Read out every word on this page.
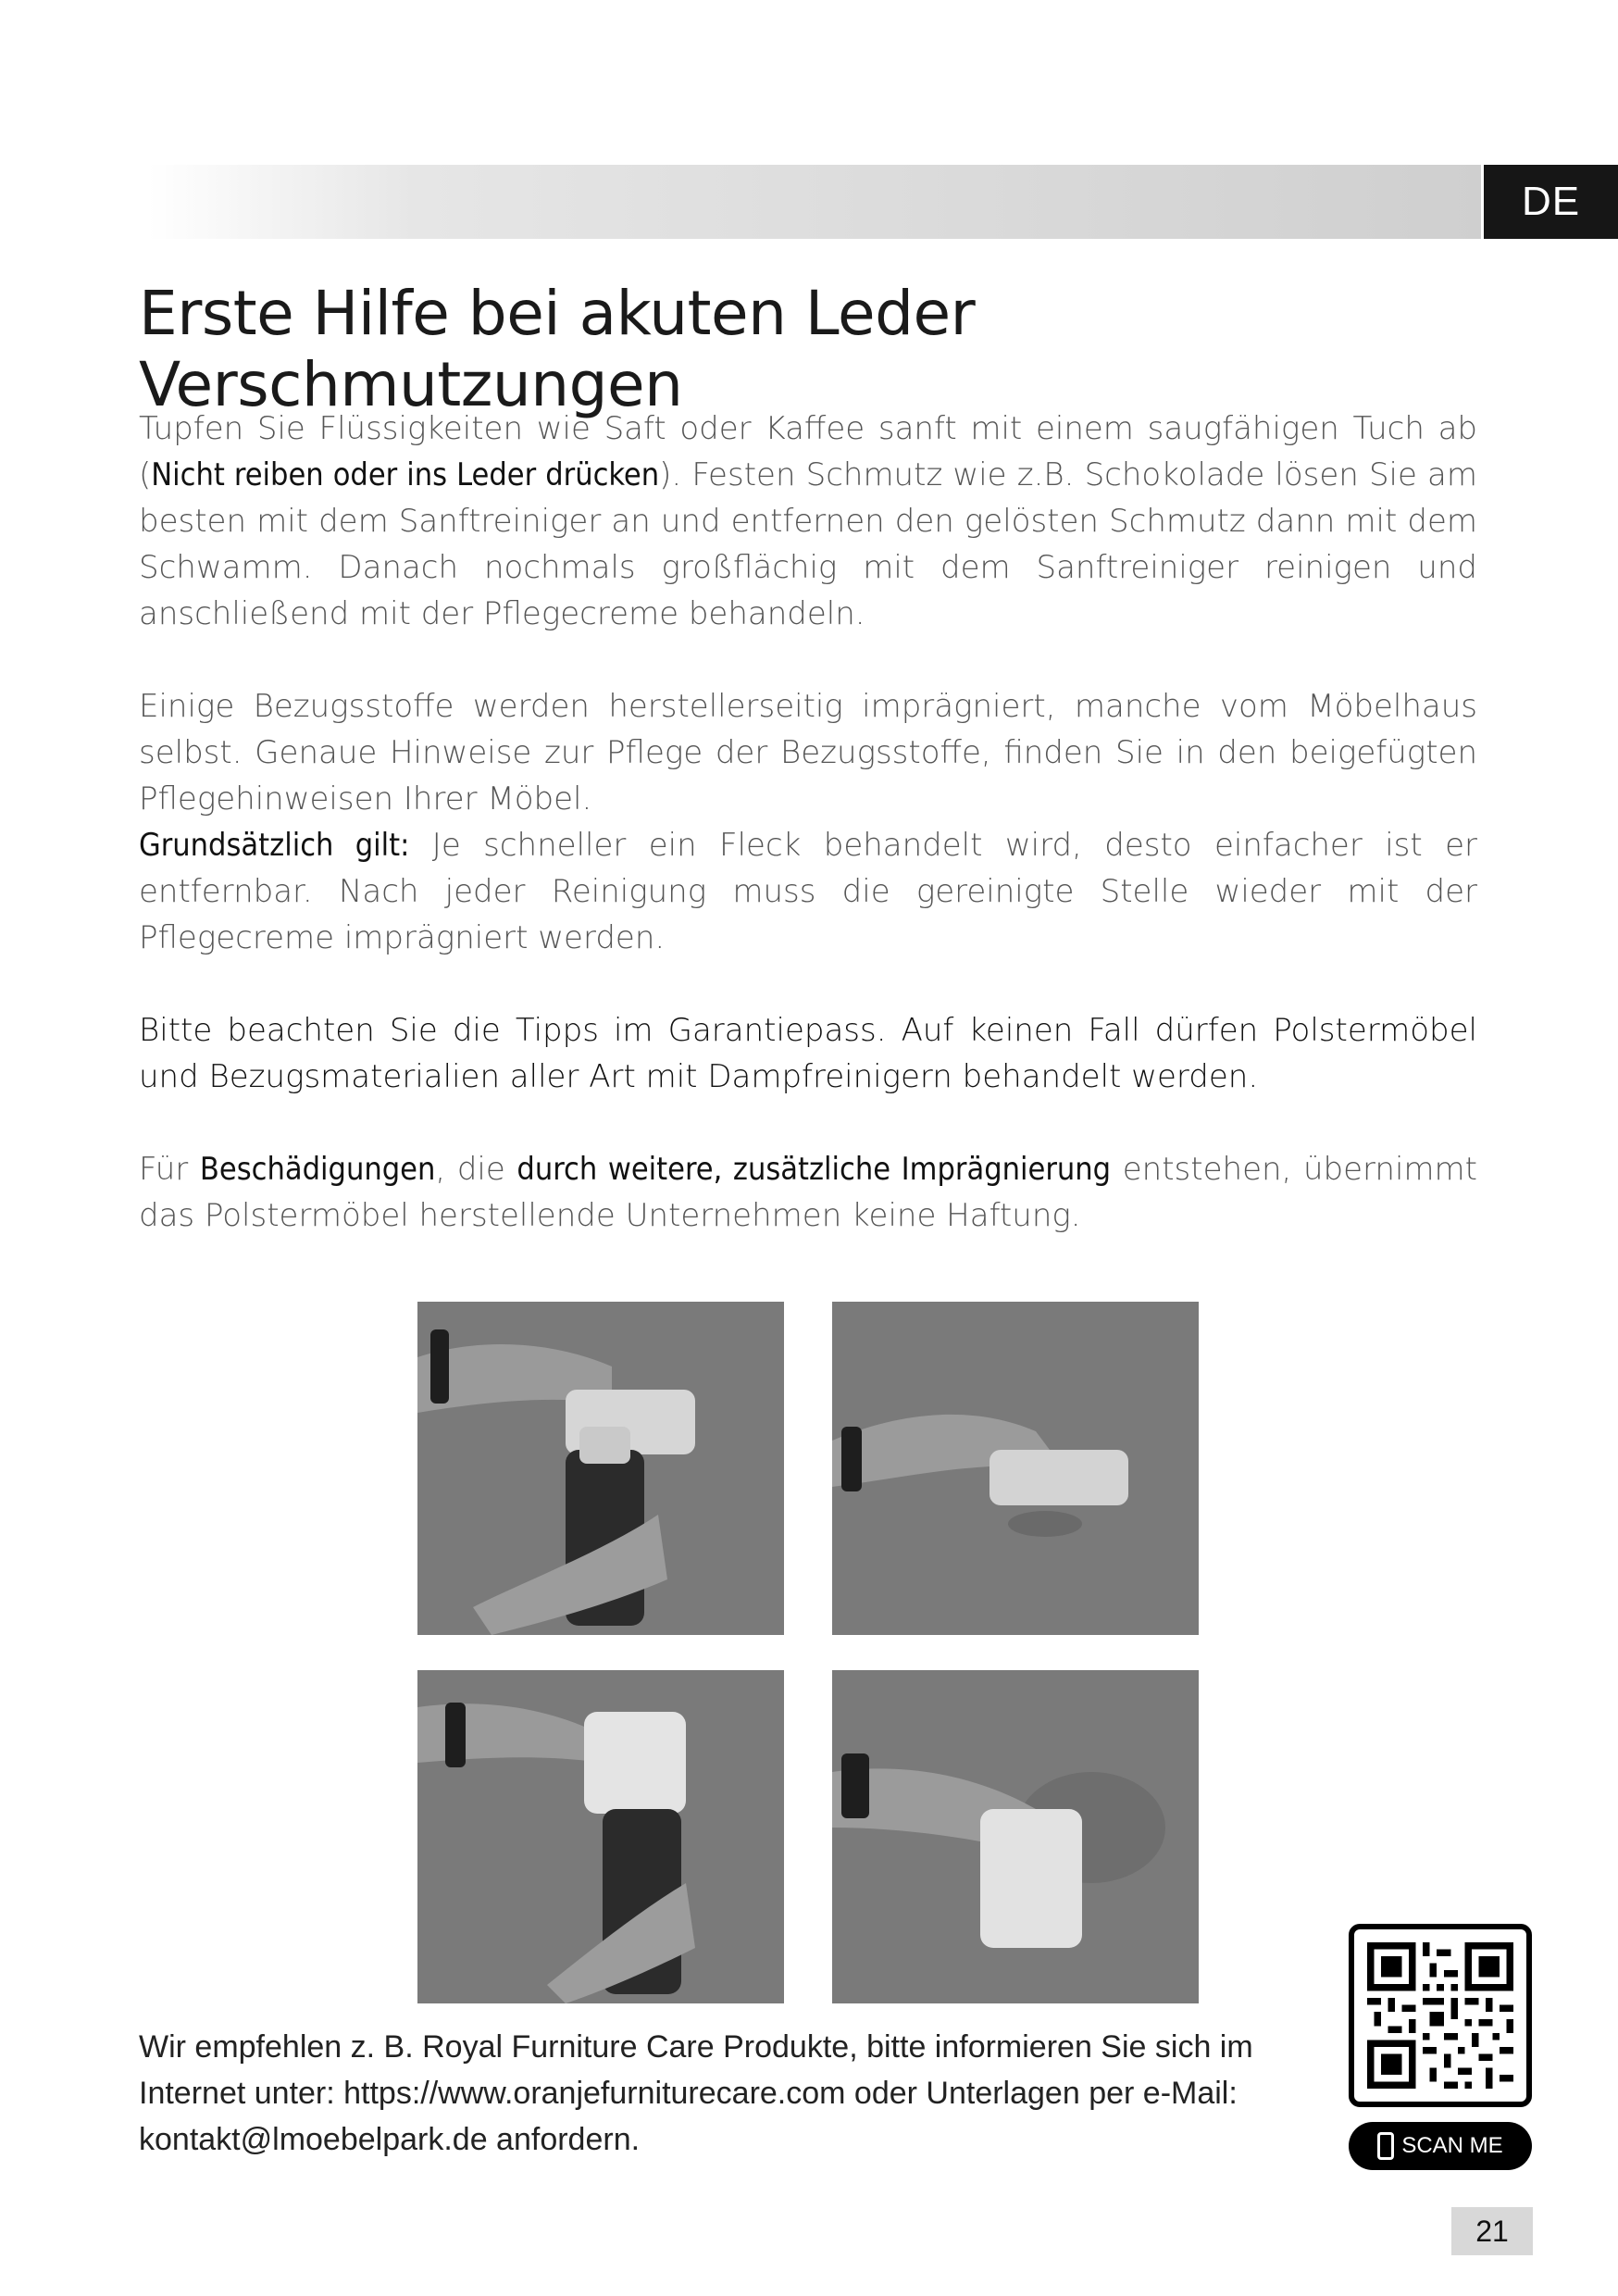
DE
Erste Hilfe bei akuten Leder Verschmutzungen

Tupfen Sie Flüssigkeiten wie Saft oder Kaffee sanft mit einem saugfähigen Tuch ab (Nicht reiben oder ins Leder drücken). Festen Schmutz wie z.B. Schokolade lösen Sie am besten mit dem Sanftreiniger an und entfernen den gelösten Schmutz dann mit dem Schwamm. Danach nochmals großflächig mit dem Sanftreiniger reinigen und anschließend mit der Pflegecreme behandeln.

Einige Bezugsstoffe werden herstellerseitig imprägniert, manche vom Möbelhaus selbst. Genaue Hinweise zur Pflege der Bezugsstoffe, finden Sie in den beigefügten Pflegehinweisen Ihrer Möbel.

Grundsätzlich gilt: Je schneller ein Fleck behandelt wird, desto einfacher ist er entfernbar. Nach jeder Reinigung muss die gereinigte Stelle wieder mit der Pflegecreme imprägniert werden.

Bitte beachten Sie die Tipps im Garantiepass. Auf keinen Fall dürfen Polstermöbel und Bezugsmaterialien aller Art mit Dampfreinigern behandelt werden.

Für Beschädigungen, die durch weitere, zusätzliche Imprägnierung entstehen, übernimmt das Polstermöbel herstellende Unternehmen keine Haftung.

Wir empfehlen z. B. Royal Furniture Care Produkte, bitte informieren Sie sich im
Internet unter: https://www.oranjefurniturecare.com oder Unterlagen per e-Mail:
kontakt@lmoebelpark.de anfordern.	SCAN ME
21
